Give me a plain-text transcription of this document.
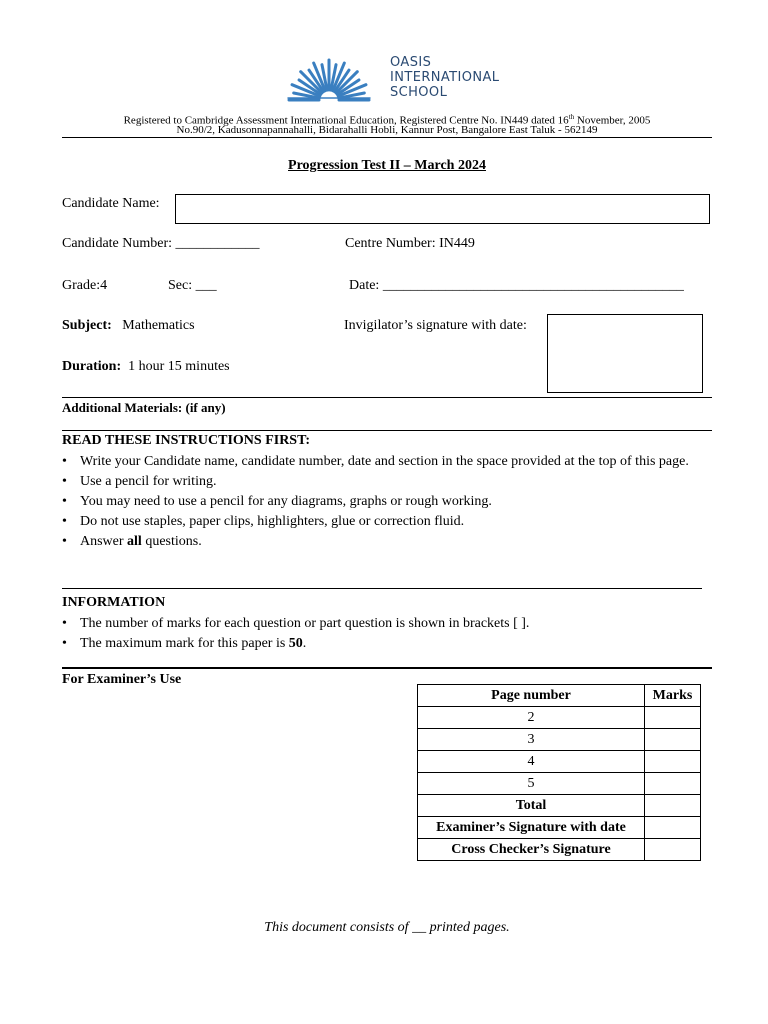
OASIS
INTERNATIONAL
SCHOOL
Registered to Cambridge Assessment International Education, Registered Centre No. IN449 dated 16th November, 2005
No.90/2, Kadusonnapannahalli, Bidarahalli Hobli, Kannur Post, Bangalore East Taluk - 562149
Progression Test II – March 2024
Candidate Name:
Candidate Number: ____________	Centre Number: IN449
Grade:4	Sec: ___	Date: ___________________________________________
Subject: Mathematics	Invigilator’s signature with date:
Duration: 1 hour 15 minutes
Additional Materials: (if any)
READ THESE INSTRUCTIONS FIRST:
• Write your Candidate name, candidate number, date and section in the space provided at the top of this page.
• Use a pencil for writing.
• You may need to use a pencil for any diagrams, graphs or rough working.
• Do not use staples, paper clips, highlighters, glue or correction fluid.
• Answer all questions.
INFORMATION
• The number of marks for each question or part question is shown in brackets [ ].
• The maximum mark for this paper is 50.
For Examiner’s Use
Page number	Marks
2	
3	
4	
5	
Total	
Examiner’s Signature with date	
Cross Checker’s Signature	
This document consists of __ printed pages.
